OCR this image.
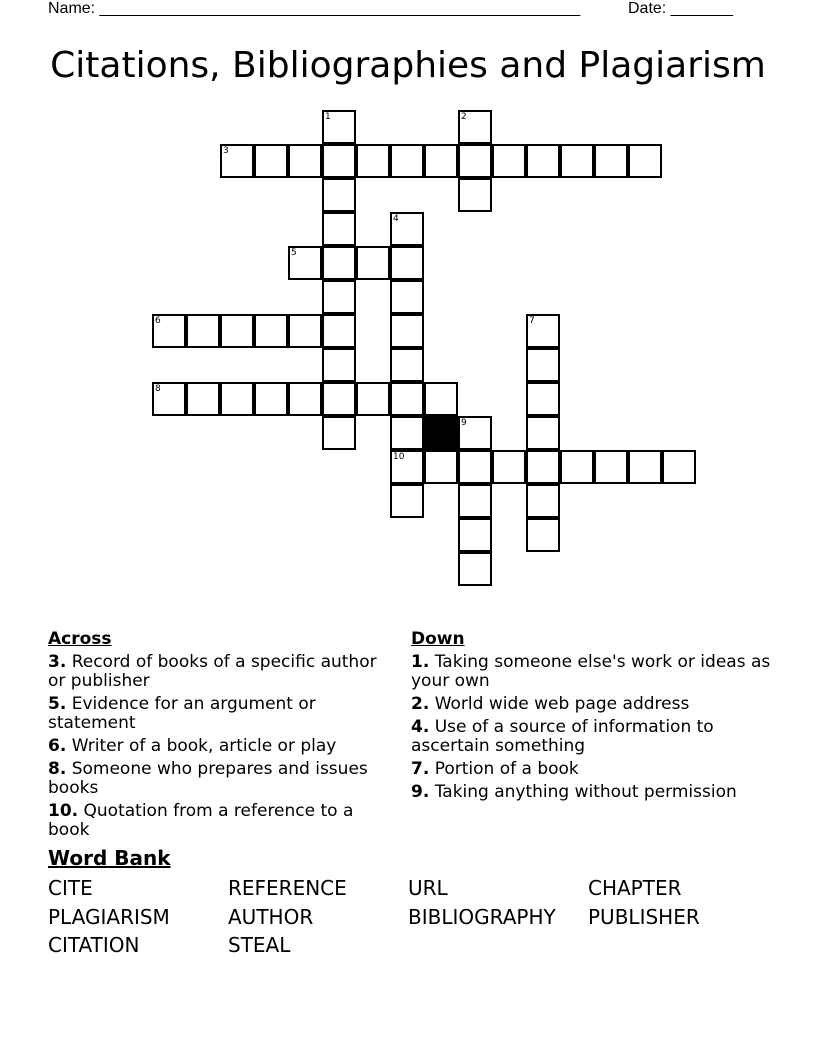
Name: ______________________________________________________	Date: _______
Citations, Bibliographies and Plagiarism
1	2
3
4
5
6	7
8
9
10
Across
3. Record of books of a specific author or publisher
5. Evidence for an argument or statement
6. Writer of a book, article or play
8. Someone who prepares and issues books
10. Quotation from a reference to a book
Down
1. Taking someone else's work or ideas as your own
2. World wide web page address
4. Use of a source of information to ascertain something
7. Portion of a book
9. Taking anything without permission
Word Bank
CITE	REFERENCE	URL	CHAPTER
PLAGIARISM	AUTHOR	BIBLIOGRAPHY	PUBLISHER
CITATION	STEAL
